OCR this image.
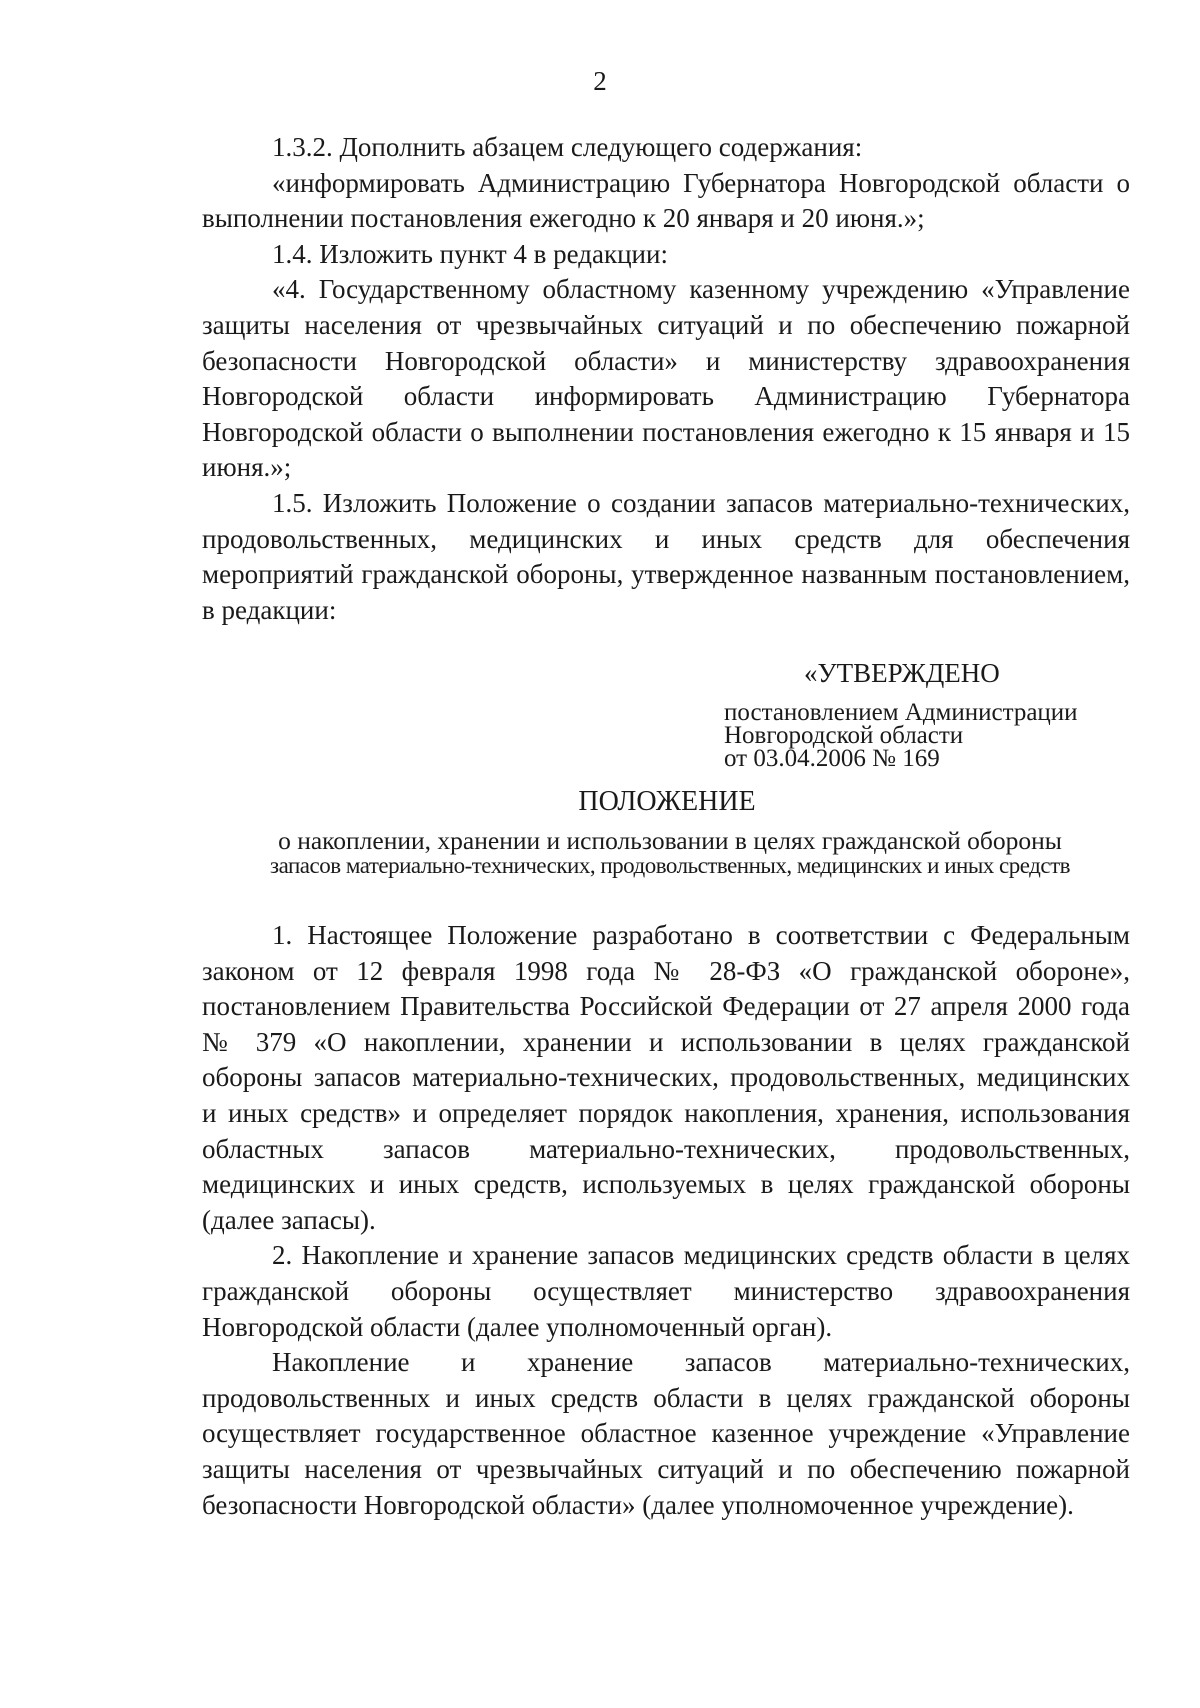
2

1.3.2. Дополнить абзацем следующего содержания:

«информировать Администрацию Губернатора Новгородской области о выполнении постановления ежегодно к 20 января и 20 июня.»;

1.4. Изложить пункт 4 в редакции:

«4. Государственному областному казенному учреждению «Управление защиты населения от чрезвычайных ситуаций и по обеспечению пожарной безопасности Новгородской области» и министерству здравоохранения Новгородской области информировать Администрацию Губернатора Новгородской области о выполнении постановления ежегодно к 15 января и 15 июня.»;

1.5. Изложить Положение о создании запасов материально-технических, продовольственных, медицинских и иных средств для обеспечения мероприятий гражданской обороны, утвержденное названным постановлением, в редакции:

«УТВЕРЖДЕНО
постановлением Администрации
Новгородской области
от 03.04.2006 № 169
ПОЛОЖЕНИЕ
о накоплении, хранении и использовании в целях гражданской обороны
запасов материально-технических, продовольственных, медицинских и иных средств

1. Настоящее Положение разработано в соответствии с Федеральным законом от 12 февраля 1998 года № 28-ФЗ «О гражданской обороне», постановлением Правительства Российской Федерации от 27 апреля 2000 года № 379 «О накоплении, хранении и использовании в целях гражданской обороны запасов материально-технических, продовольственных, медицинских и иных средств» и определяет порядок накопления, хранения, использования областных запасов материально-технических, продовольственных, медицинских и иных средств, используемых в целях гражданской обороны (далее запасы).

2. Накопление и хранение запасов медицинских средств области в целях гражданской обороны осуществляет министерство здравоохранения Новгородской области (далее уполномоченный орган).

Накопление и хранение запасов материально-технических, продовольственных и иных средств области в целях гражданской обороны осуществляет государственное областное казенное учреждение «Управление защиты населения от чрезвычайных ситуаций и по обеспечению пожарной безопасности Новгородской области» (далее уполномоченное учреждение).
